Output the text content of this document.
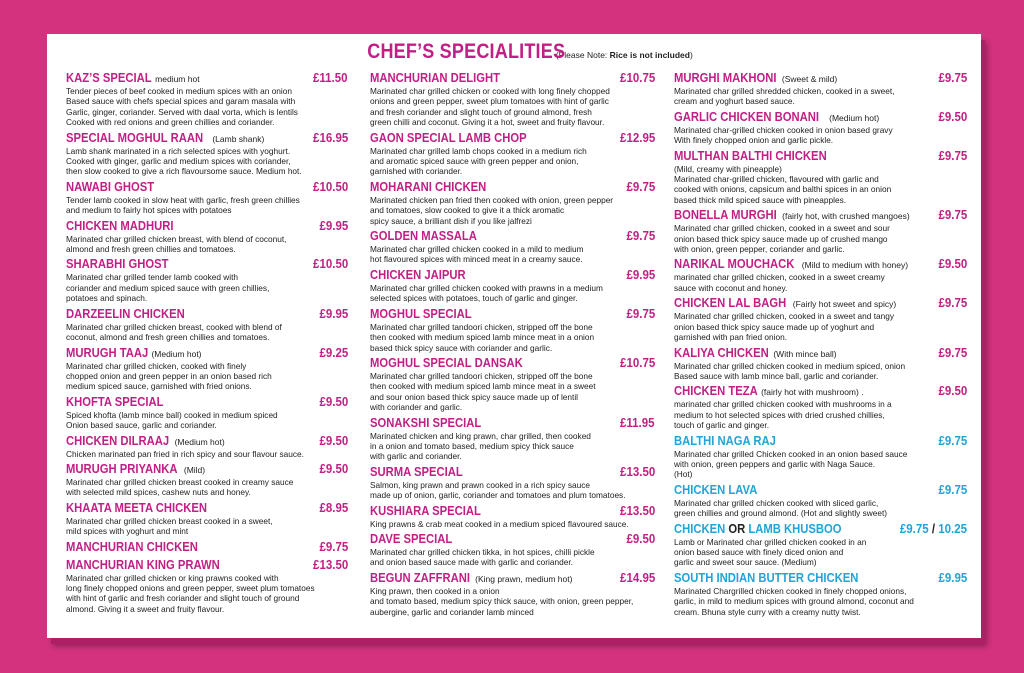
CHEF’S SPECIALITIES (Please Note: Rice is not included)
KAZ’S SPECIAL medium hot	£11.50
Tender pieces of beef cooked in medium spices with an onion
Based sauce with chefs special spices and garam masala with
Garlic, ginger, coriander. Served with daal vorta, which is lentils
Cooked with red onions and green chillies and coriander.
SPECIAL MOGHUL RAAN (Lamb shank)	£16.95
Lamb shank marinated in a rich selected spices with yoghurt.
Cooked with ginger, garlic and medium spices with coriander,
then slow cooked to give a rich flavoursome sauce. Medium hot.
NAWABI GHOST	£10.50
Tender lamb cooked in slow heat with garlic, fresh green chillies
and medium to fairly hot spices with potatoes
CHICKEN MADHURI	£9.95
Marinated char grilled chicken breast, with blend of coconut,
almond and fresh green chillies and tomatoes.
SHARABHI GHOST	£10.50
Marinated char grilled tender lamb cooked with
coriander and medium spiced sauce with green chillies,
potatoes and spinach.
DARZEELIN CHICKEN	£9.95
Marinated char grilled chicken breast, cooked with blend of
coconut, almond and fresh green chillies and tomatoes.
MURUGH TAAJ (Medium hot)	£9.25
Marinated char grilled chicken, cooked with finely
chopped onion and green pepper in an onion based rich
medium spiced sauce, garnished with fried onions.
KHOFTA SPECIAL	£9.50
Spiced khofta (lamb mince ball) cooked in medium spiced
Onion based sauce, garlic and coriander.
CHICKEN DILRAAJ (Medium hot)	£9.50
Chicken marinated pan fried in rich spicy and sour flavour sauce.
MURUGH PRIYANKA (Mild)	£9.50
Marinated char grilled chicken breast cooked in creamy sauce
with selected mild spices, cashew nuts and honey.
KHAATA MEETA CHICKEN	£8.95
Marinated char grilled chicken breast cooked in a sweet,
mild spices with yoghurt and mint
MANCHURIAN CHICKEN	£9.75
MANCHURIAN KING PRAWN	£13.50
Marinated char grilled chicken or king prawns cooked with
long finely chopped onions and green pepper, sweet plum tomatoes
with hint of garlic and fresh coriander and slight touch of ground
almond. Giving it a sweet and fruity flavour.
MANCHURIAN DELIGHT	£10.75
Marinated char grilled chicken or cooked with long finely chopped
onions and green pepper, sweet plum tomatoes with hint of garlic
and fresh coriander and slight touch of ground almond, fresh
green chilli and coconut. Giving it a hot, sweet and fruity flavour.
GAON SPECIAL LAMB CHOP	£12.95
Marinated char grilled lamb chops cooked in a medium rich
and aromatic spiced sauce with green pepper and onion,
garnished with coriander.
MOHARANI CHICKEN	£9.75
Marinated chicken pan fried then cooked with onion, green pepper
and tomatoes, slow cooked to give it a thick aromatic
spicy sauce, a brilliant dish if you like jalfrezi
GOLDEN MASSALA	£9.75
Marinated char grilled chicken cooked in a mild to medium
hot flavoured spices with minced meat in a creamy sauce.
CHICKEN JAIPUR	£9.95
Marinated char grilled chicken cooked with prawns in a medium
selected spices with potatoes, touch of garlic and ginger.
MOGHUL SPECIAL	£9.75
Marinated char grilled tandoori chicken, stripped off the bone
then cooked with medium spiced lamb mince meat in a onion
based thick spicy sauce with coriander and garlic.
MOGHUL SPECIAL DANSAK	£10.75
Marinated char grilled tandoori chicken, stripped off the bone
then cooked with medium spiced lamb mince meat in a sweet
and sour onion based thick spicy sauce made up of lentil
with coriander and garlic.
SONAKSHI SPECIAL	£11.95
Marinated chicken and king prawn, char grilled, then cooked
in a onion and tomato based, medium spicy thick sauce
with garlic and coriander.
SURMA SPECIAL	£13.50
Salmon, king prawn and prawn cooked in a rich spicy sauce
made up of onion, garlic, coriander and tomatoes and plum tomatoes.
KUSHIARA SPECIAL	£13.50
King prawns & crab meat cooked in a medium spiced flavoured sauce.
DAVE SPECIAL	£9.50
Marinated char grilled chicken tikka, in hot spices, chilli pickle
and onion based sauce made with garlic and coriander.
BEGUN ZAFFRANI (King prawn, medium hot)	£14.95
King prawn, then cooked in a onion
and tomato based, medium spicy thick sauce, with onion, green pepper,
aubergine, garlic and coriander lamb minced
MURGHI MAKHONI (Sweet & mild)	£9.75
Marinated char grilled shredded chicken, cooked in a sweet,
cream and yoghurt based sauce.
GARLIC CHICKEN BONANI (Medium hot)	£9.50
Marinated char-grilled chicken cooked in onion based gravy
With finely chopped onion and garlic pickle.
MULTHAN BALTHI CHICKEN	£9.75
(Mild, creamy with pineapple)
Marinated char-grilled chicken, flavoured with garlic and
cooked with onions, capsicum and balthi spices in an onion
based thick mild spiced sauce with pineapples.
BONELLA MURGHI (fairly hot, with crushed mangoes) £9.75
Marinated char grilled chicken, cooked in a sweet and sour
onion based thick spicy sauce made up of crushed mango
with onion, green pepper, coriander and garlic.
NARIKAL MOUCHACK (Mild to medium with honey) £9.50
marinated char grilled chicken, cooked in a sweet creamy
sauce with coconut and honey.
CHICKEN LAL BAGH (Fairly hot sweet and spicy)	£9.75
Marinated char grilled chicken, cooked in a sweet and tangy
onion based thick spicy sauce made up of yoghurt and
garnished with pan fried onion.
KALIYA CHICKEN (With mince ball)	£9.75
Marinated char grilled chicken cooked in medium spiced, onion
Based sauce with lamb mince ball, garlic and coriander.
CHICKEN TEZA (fairly hot with mushroom) .	£9.50
marinated char grilled chicken cooked with mushrooms in a
medium to hot selected spices with dried crushed chillies,
touch of garlic and ginger.
BALTHI NAGA RAJ	£9.75
Marinated char grilled Chicken cooked in an onion based sauce
with onion, green peppers and garlic with Naga Sauce.
(Hot)
CHICKEN LAVA	£9.75
Marinated char grilled chicken cooked with sliced garlic,
green chillies and ground almond. (Hot and slightly sweet)
CHICKEN OR LAMB KHUSBOO	£9.75 / 10.25
Lamb or Marinated char grilled chicken cooked in an
onion based sauce with finely diced onion and
garlic and sweet sour sauce. (Medium)
SOUTH INDIAN BUTTER CHICKEN	£9.95
Marinated Chargrilled chicken cooked in finely chopped onions,
garlic, in mild to medium spices with ground almond, coconut and
cream. Bhuna style curry with a creamy nutty twist.
